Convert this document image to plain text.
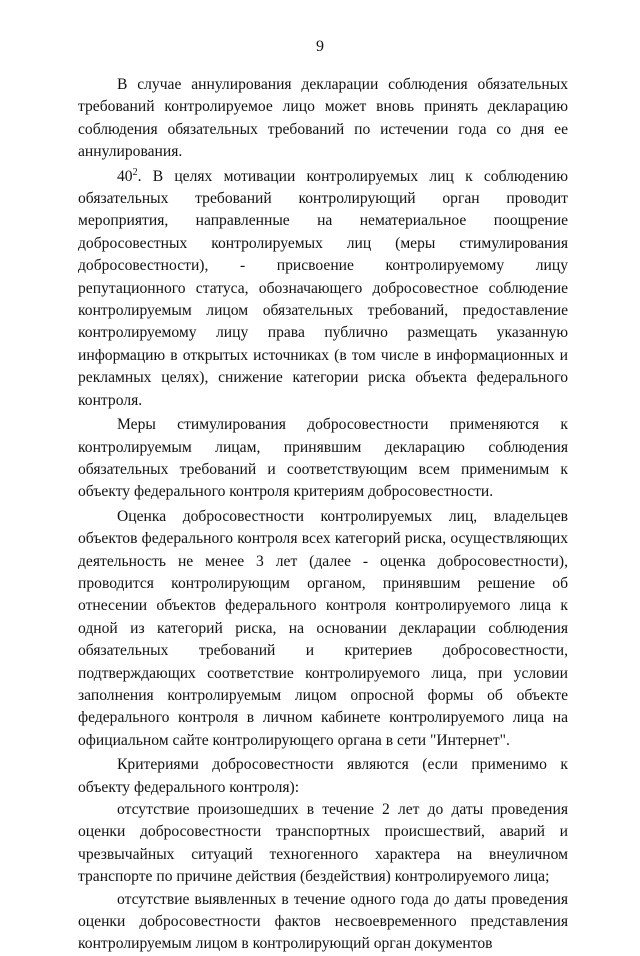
9

В случае аннулирования декларации соблюдения обязательных требований контролируемое лицо может вновь принять декларацию соблюдения обязательных требований по истечении года со дня ее аннулирования.

$40^2$. В целях мотивации контролируемых лиц к соблюдению обязательных требований контролирующий орган проводит мероприятия, направленные на нематериальное поощрение добросовестных контролируемых лиц (меры стимулирования добросовестности), - присвоение контролируемому лицу репутационного статуса, обозначающего добросовестное соблюдение контролируемым лицом обязательных требований, предоставление контролируемому лицу права публично размещать указанную информацию в открытых источниках (в том числе в информационных и рекламных целях), снижение категории риска объекта федерального контроля.

Меры стимулирования добросовестности применяются к контролируемым лицам, принявшим декларацию соблюдения обязательных требований и соответствующим всем применимым к объекту федерального контроля критериям добросовестности.

Оценка добросовестности контролируемых лиц, владельцев объектов федерального контроля всех категорий риска, осуществляющих деятельность не менее 3 лет (далее - оценка добросовестности), проводится контролирующим органом, принявшим решение об отнесении объектов федерального контроля контролируемого лица к одной из категорий риска, на основании декларации соблюдения обязательных требований и критериев добросовестности, подтверждающих соответствие контролируемого лица, при условии заполнения контролируемым лицом опросной формы об объекте федерального контроля в личном кабинете контролируемого лица на официальном сайте контролирующего органа в сети "Интернет".

Критериями добросовестности являются (если применимо к объекту федерального контроля):

отсутствие произошедших в течение 2 лет до даты проведения оценки добросовестности транспортных происшествий, аварий и чрезвычайных ситуаций техногенного характера на внеуличном транспорте по причине действия (бездействия) контролируемого лица;

отсутствие выявленных в течение одного года до даты проведения оценки добросовестности фактов несвоевременного представления контролируемым лицом в контролирующий орган документов
